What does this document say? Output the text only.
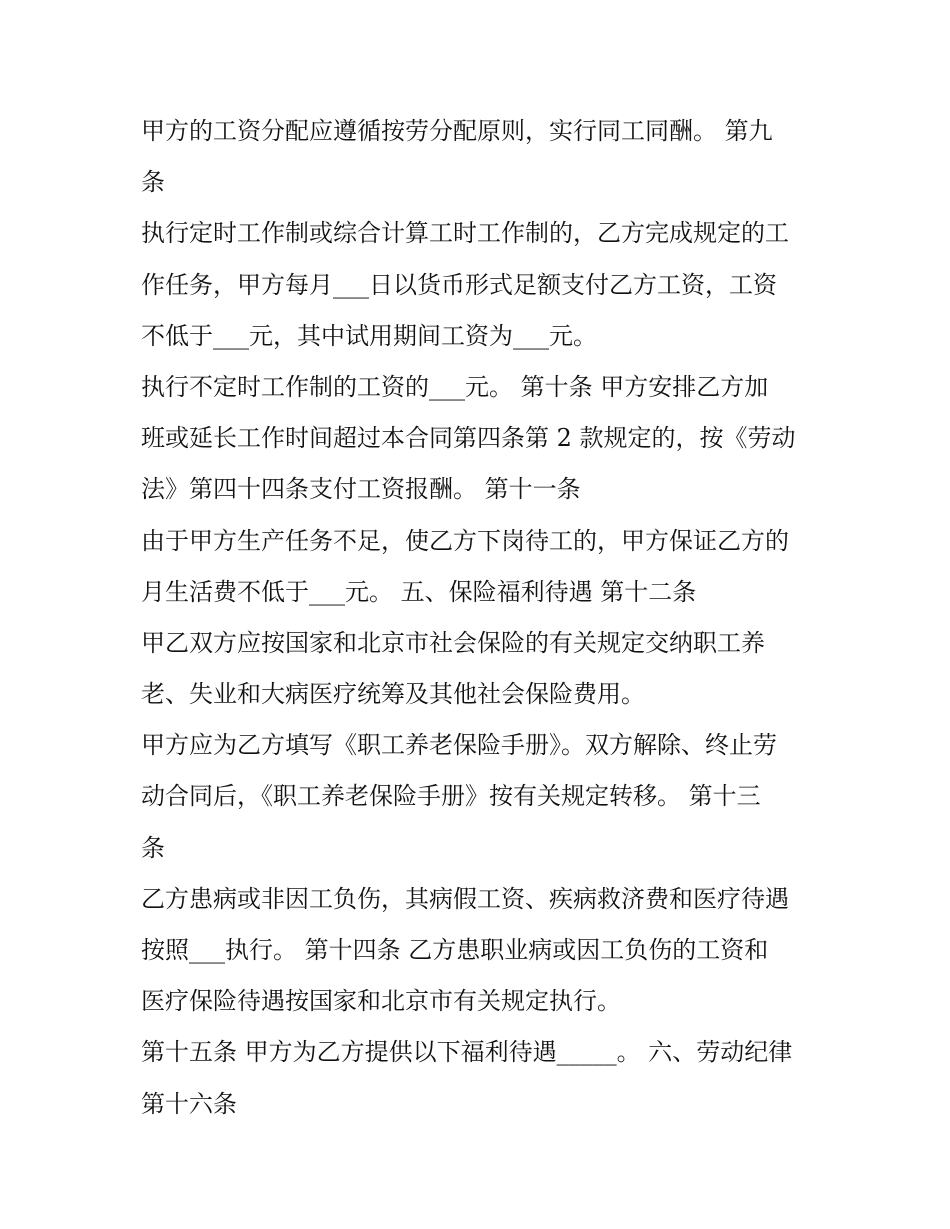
甲方的工资分配应遵循按劳分配原则，实行同工同酬。 第九
条
执行定时工作制或综合计算工时工作制的，乙方完成规定的工
作任务，甲方每月___日以货币形式足额支付乙方工资，工资
不低于___元，其中试用期间工资为___元。
执行不定时工作制的工资的___元。 第十条 甲方安排乙方加
班或延长工作时间超过本合同第四条第 2 款规定的，按《劳动
法》第四十四条支付工资报酬。 第十一条
由于甲方生产任务不足，使乙方下岗待工的，甲方保证乙方的
月生活费不低于___元。 五、保险福利待遇 第十二条
甲乙双方应按国家和北京市社会保险的有关规定交纳职工养
老、失业和大病医疗统筹及其他社会保险费用。
甲方应为乙方填写《职工养老保险手册》。双方解除、终止劳
动合同后，《职工养老保险手册》按有关规定转移。 第十三
条
乙方患病或非因工负伤，其病假工资、疾病救济费和医疗待遇
按照___执行。 第十四条 乙方患职业病或因工负伤的工资和
医疗保险待遇按国家和北京市有关规定执行。
第十五条 甲方为乙方提供以下福利待遇_____。 六、劳动纪律
第十六条
